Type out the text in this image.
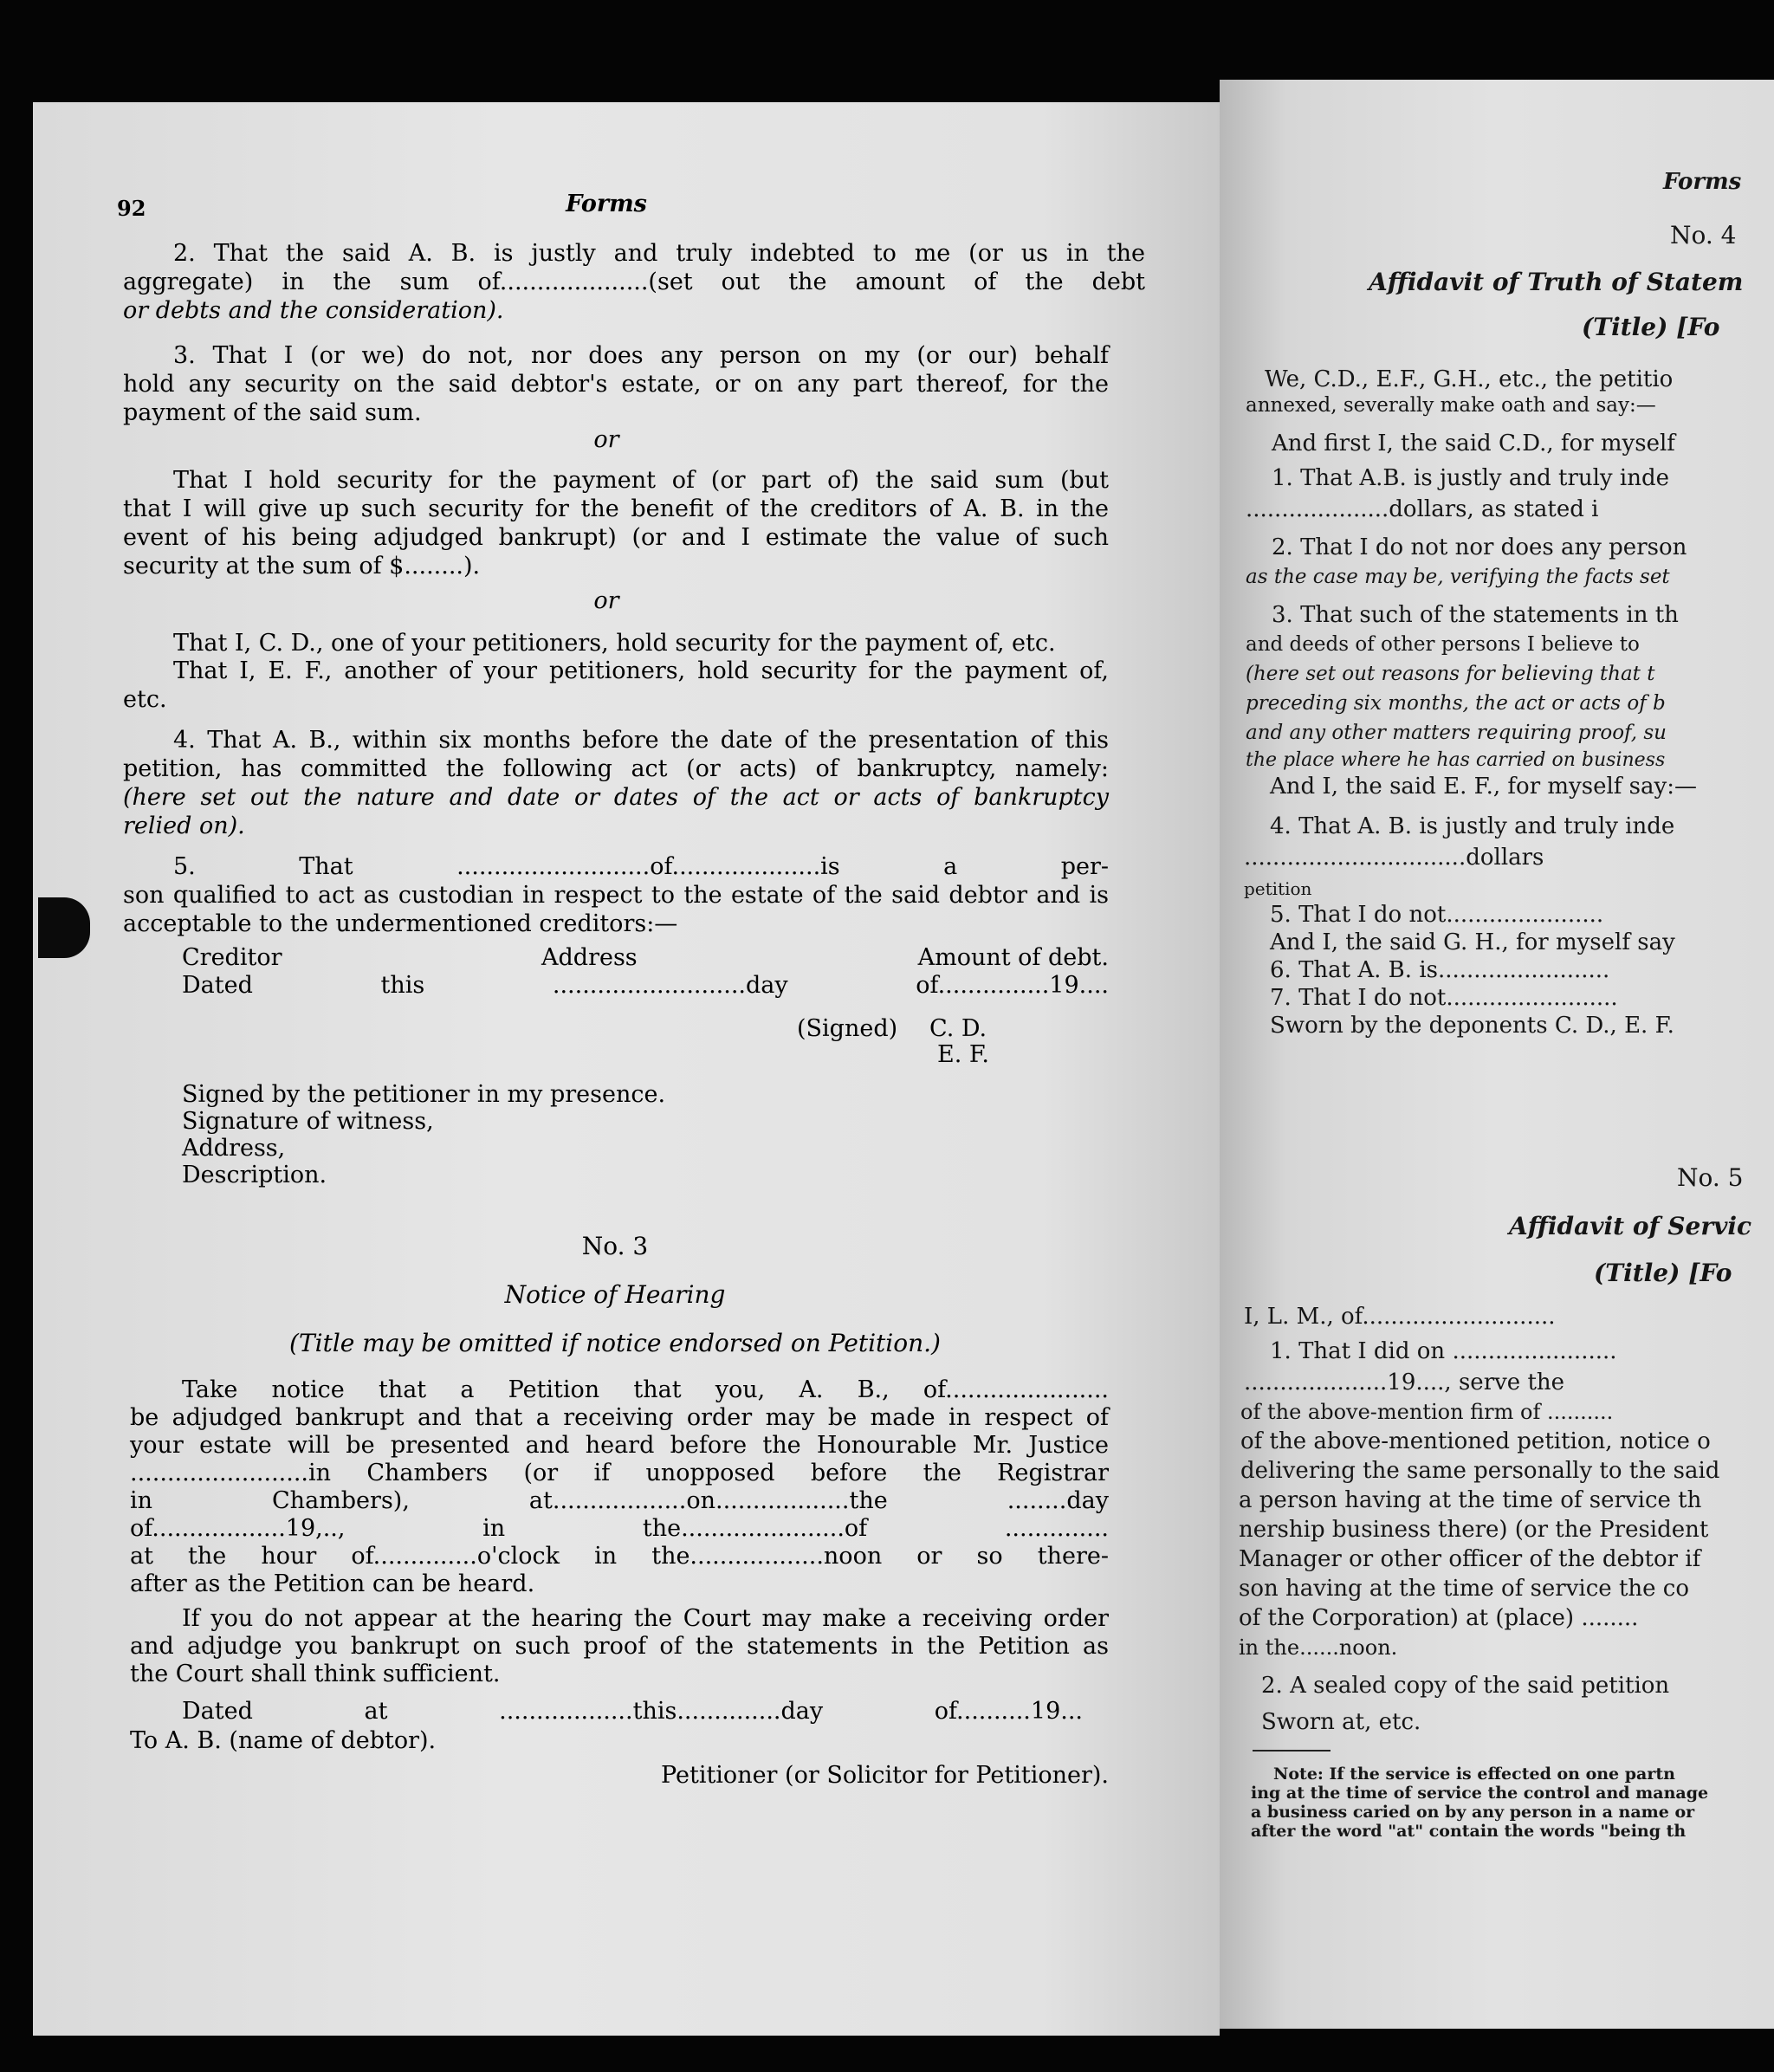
92	Forms
2. That the said A. B. is justly and truly indebted to me (or us in the
aggregate) in the sum of....................(set out the amount of the debt
or debts and the consideration).
3. That I (or we) do not, nor does any person on my (or our) behalf
hold any security on the said debtor's estate, or on any part thereof, for the
payment of the said sum.
or
That I hold security for the payment of (or part of) the said sum (but
that I will give up such security for the benefit of the creditors of A. B. in the
event of his being adjudged bankrupt) (or and I estimate the value of such
security at the sum of $........).
or
That I, C. D., one of your petitioners, hold security for the payment of, etc.
That I, E. F., another of your petitioners, hold security for the payment of,
etc.
4. That A. B., within six months before the date of the presentation of this
petition, has committed the following act (or acts) of bankruptcy, namely:
(here set out the nature and date or dates of the act or acts of bankruptcy
relied on).
5. That ..........................of....................is a per-
son qualified to act as custodian in respect to the estate of the said debtor and is
acceptable to the undermentioned creditors:—
Creditor	Address	Amount of debt.
Dated this ..........................day of...............19....
(Signed) C. D.
E. F.
Signed by the petitioner in my presence.
Signature of witness,
Address,
Description.
No. 3
Notice of Hearing
(Title may be omitted if notice endorsed on Petition.)
Take notice that a Petition that you, A. B., of......................
be adjudged bankrupt and that a receiving order may be made in respect of
your estate will be presented and heard before the Honourable Mr. Justice
........................in Chambers (or if unopposed before the Registrar
in Chambers), at..................on..................the ........day
of..................19,.., in the......................of ..............
at the hour of..............o'clock in the..................noon or so there-
after as the Petition can be heard.
If you do not appear at the hearing the Court may make a receiving order
and adjudge you bankrupt on such proof of the statements in the Petition as
the Court shall think sufficient.
Dated at ..................this..............day of..........19...
To A. B. (name of debtor).
Petitioner (or Solicitor for Petitioner).
Forms
No. 4
Affidavit of Truth of Statem
(Title) [Fo
We, C.D., E.F., G.H., etc., the petitio
annexed, severally make oath and say:—
And first I, the said C.D., for myself
1. That A.B. is justly and truly inde
....................dollars, as stated i
2. That I do not nor does any person
as the case may be, verifying the facts set
3. That such of the statements in th
and deeds of other persons I believe to
(here set out reasons for believing that t
preceding six months, the act or acts of b
and any other matters requiring proof, su
the place where he has carried on business
And I, the said E. F., for myself say:—
4. That A. B. is justly and truly inde
...............................dollars
petition
5. That I do not......................
And I, the said G. H., for myself say
6. That A. B. is........................
7. That I do not........................
Sworn by the deponents C. D., E. F.
No. 5
Affidavit of Servic
(Title) [Fo
I, L. M., of...........................
1. That I did on .......................
....................19...., serve the
of the above-mention firm of ..........
of the above-mentioned petition, notice o
delivering the same personally to the said
a person having at the time of service th
nership business there) (or the President
Manager or other officer of the debtor if
son having at the time of service the co
of the Corporation) at (place) ........
in the......noon.
2. A sealed copy of the said petition
Sworn at, etc.
Note: If the service is effected on one partn
ing at the time of service the control and manage
a business caried on by any person in a name or
after the word "at" contain the words "being th
